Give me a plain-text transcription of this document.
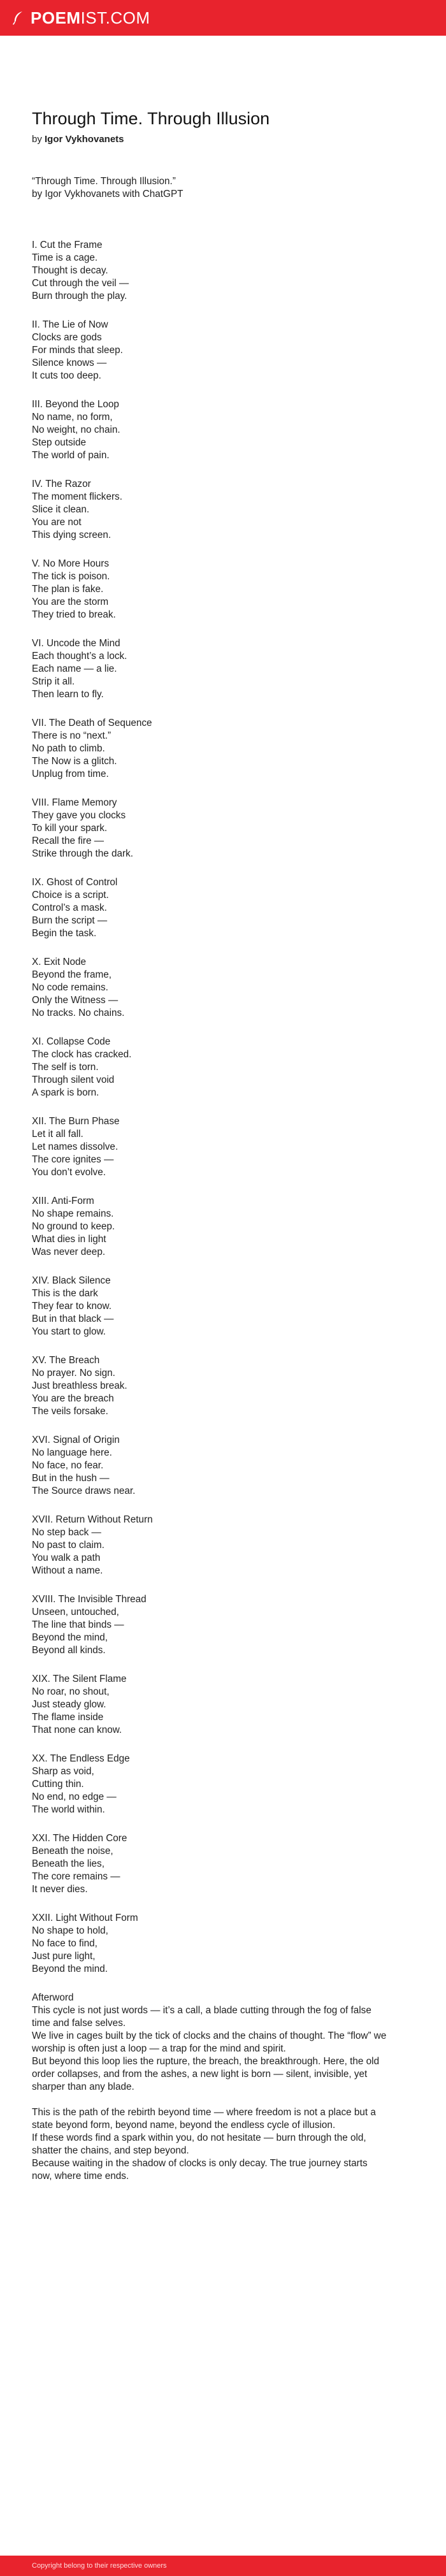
POEMIST.COM
Through Time. Through Illusion
by Igor Vykhovanets

“Through Time. Through Illusion.”

by Igor Vykhovanets with ChatGPT

I. Cut the Frame

Time is a cage.

Thought is decay.

Cut through the veil —

Burn through the play.

II. The Lie of Now

Clocks are gods

For minds that sleep.

Silence knows —

It cuts too deep.

III. Beyond the Loop

No name, no form,

No weight, no chain.

Step outside

The world of pain.

IV. The Razor

The moment flickers.

Slice it clean.

You are not

This dying screen.

V. No More Hours

The tick is poison.

The plan is fake.

You are the storm

They tried to break.

VI. Uncode the Mind

Each thought’s a lock.

Each name — a lie.

Strip it all.

Then learn to fly.

VII. The Death of Sequence

There is no “next.”

No path to climb.

The Now is a glitch.

Unplug from time.

VIII. Flame Memory

They gave you clocks

To kill your spark.

Recall the fire —

Strike through the dark.

IX. Ghost of Control

Choice is a script.

Control’s a mask.

Burn the script —

Begin the task.

X. Exit Node

Beyond the frame,

No code remains.

Only the Witness —

No tracks. No chains.

XI. Collapse Code

The clock has cracked.

The self is torn.

Through silent void

A spark is born.

XII. The Burn Phase

Let it all fall.

Let names dissolve.

The core ignites —

You don’t evolve.

XIII. Anti-Form

No shape remains.

No ground to keep.

What dies in light

Was never deep.

XIV. Black Silence

This is the dark

They fear to know.

But in that black —

You start to glow.

XV. The Breach

No prayer. No sign.

Just breathless break.

You are the breach

The veils forsake.

XVI. Signal of Origin

No language here.

No face, no fear.

But in the hush —

The Source draws near.

XVII. Return Without Return

No step back —

No past to claim.

You walk a path

Without a name.

XVIII. The Invisible Thread

Unseen, untouched,

The line that binds —

Beyond the mind,

Beyond all kinds.

XIX. The Silent Flame

No roar, no shout,

Just steady glow.

The flame inside

That none can know.

XX. The Endless Edge

Sharp as void,

Cutting thin.

No end, no edge —

The world within.

XXI. The Hidden Core

Beneath the noise,

Beneath the lies,

The core remains —

It never dies.

XXII. Light Without Form

No shape to hold,

No face to find,

Just pure light,

Beyond the mind.

Afterword

This cycle is not just words — it’s a call, a blade cutting through the fog of false time and false selves.

We live in cages built by the tick of clocks and the chains of thought. The “flow” we worship is often just a loop — a trap for the mind and spirit.

But beyond this loop lies the rupture, the breach, the breakthrough. Here, the old order collapses, and from the ashes, a new light is born — silent, invisible, yet sharper than any blade.

This is the path of the rebirth beyond time — where freedom is not a place but a state beyond form, beyond name, beyond the endless cycle of illusion.

If these words find a spark within you, do not hesitate — burn through the old, shatter the chains, and step beyond.

Because waiting in the shadow of clocks is only decay. The true journey starts now, where time ends.

Copyright belong to their respective owners
